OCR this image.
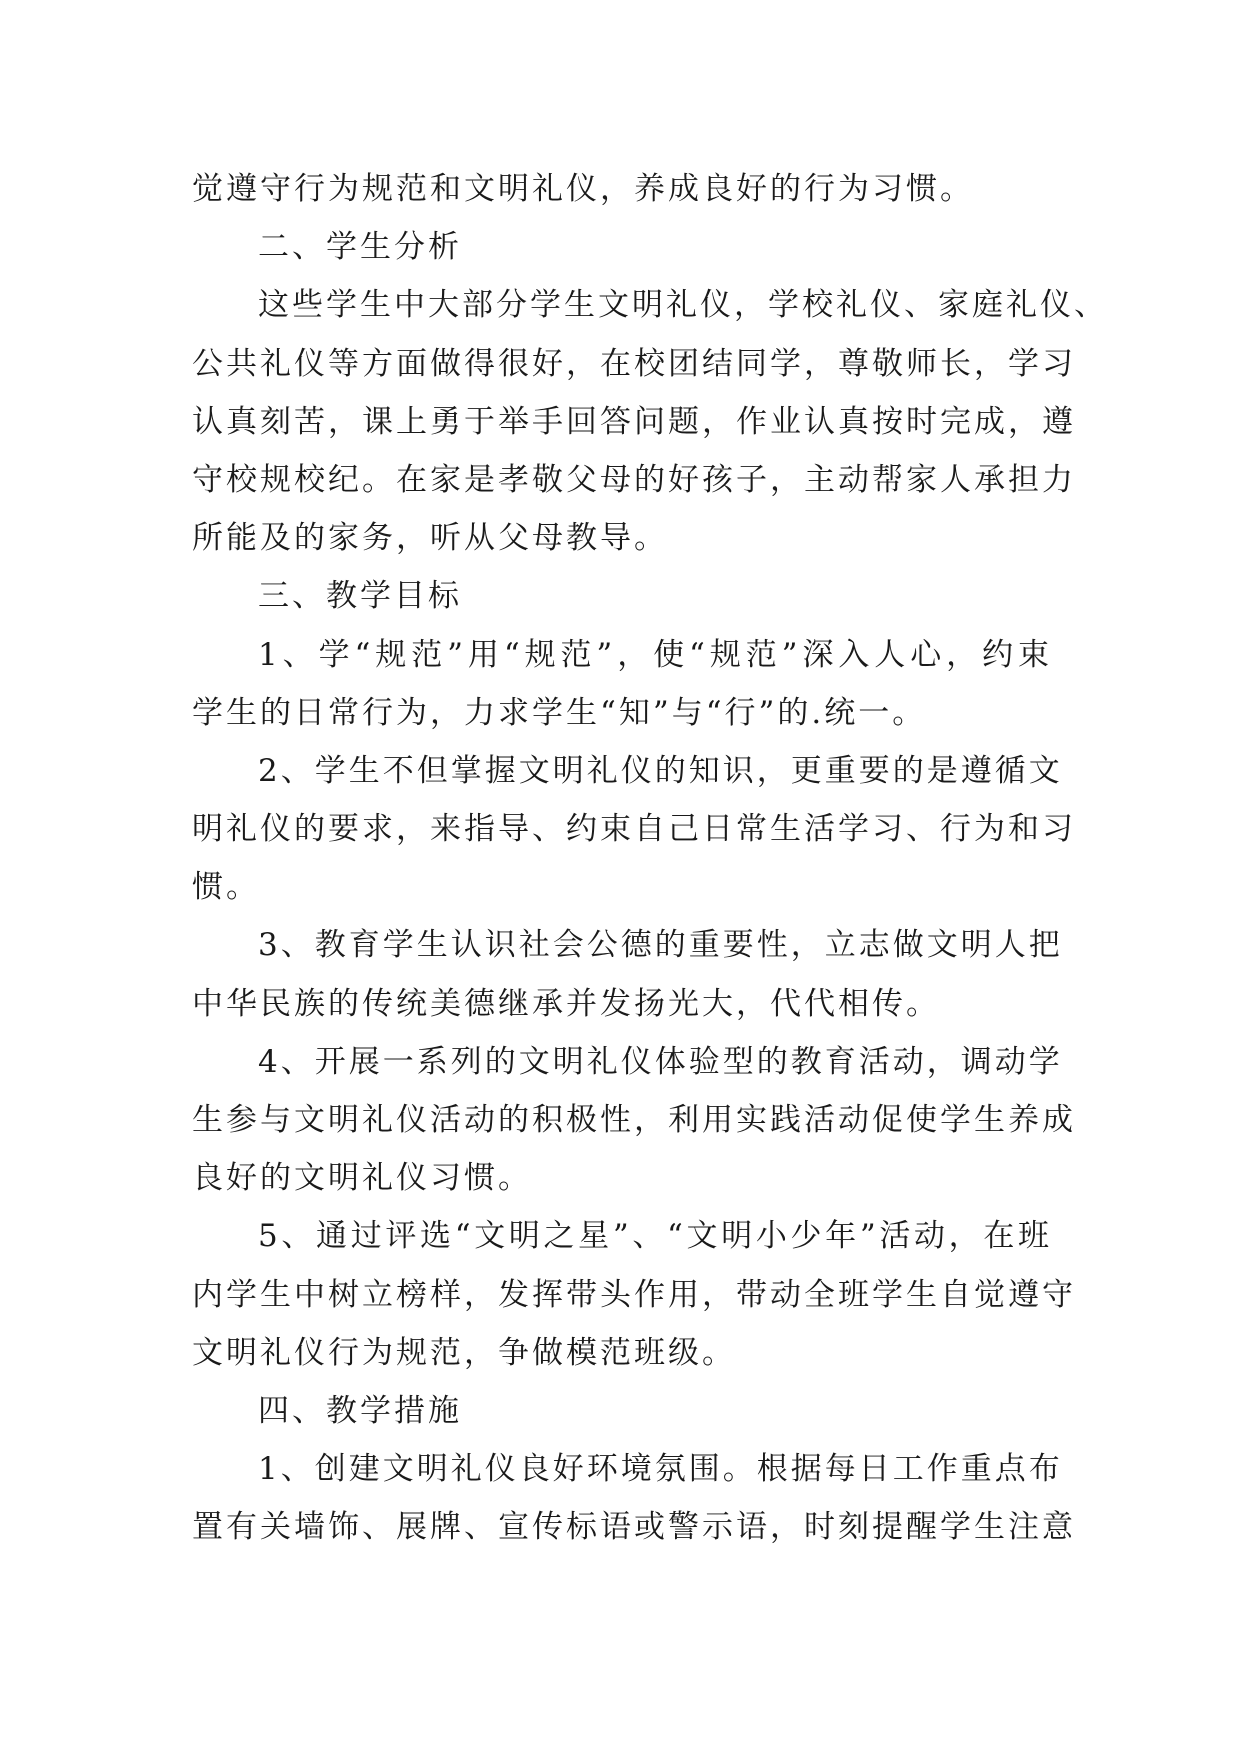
觉遵守行为规范和文明礼仪，养成良好的行为习惯。
二、学生分析
这些学生中大部分学生文明礼仪，学校礼仪、家庭礼仪、
公共礼仪等方面做得很好，在校团结同学，尊敬师长，学习
认真刻苦，课上勇于举手回答问题，作业认真按时完成，遵
守校规校纪。在家是孝敬父母的好孩子，主动帮家人承担力
所能及的家务，听从父母教导。
三、教学目标
1、学“规范”用“规范”，使“规范”深入人心，约束
学生的日常行为，力求学生“知”与“行”的.统一。
2、学生不但掌握文明礼仪的知识，更重要的是遵循文
明礼仪的要求，来指导、约束自己日常生活学习、行为和习
惯。
3、教育学生认识社会公德的重要性，立志做文明人把
中华民族的传统美德继承并发扬光大，代代相传。
4、开展一系列的文明礼仪体验型的教育活动，调动学
生参与文明礼仪活动的积极性，利用实践活动促使学生养成
良好的文明礼仪习惯。
5、通过评选“文明之星”、“文明小少年”活动，在班
内学生中树立榜样，发挥带头作用，带动全班学生自觉遵守
文明礼仪行为规范，争做模范班级。
四、教学措施
1、创建文明礼仪良好环境氛围。根据每日工作重点布
置有关墙饰、展牌、宣传标语或警示语，时刻提醒学生注意
